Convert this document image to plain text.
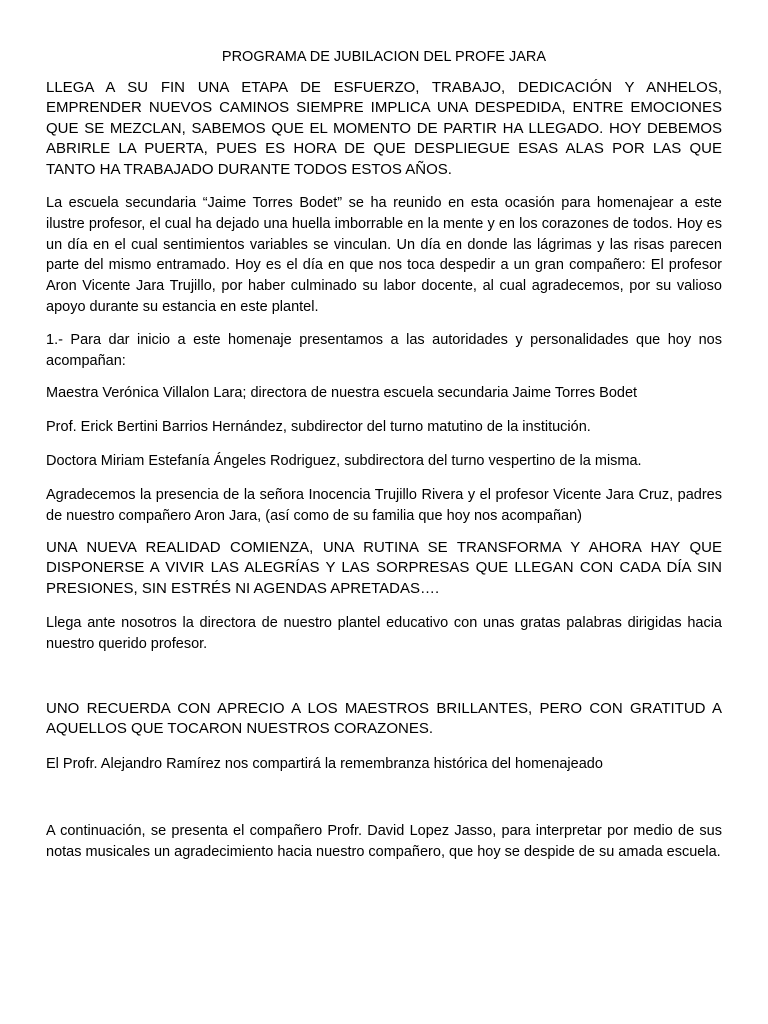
PROGRAMA DE JUBILACION DEL PROFE JARA

LLEGA A SU FIN UNA ETAPA DE ESFUERZO, TRABAJO, DEDICACIÓN Y ANHELOS, EMPRENDER NUEVOS CAMINOS SIEMPRE IMPLICA UNA DESPEDIDA, ENTRE EMOCIONES QUE SE MEZCLAN, SABEMOS QUE EL MOMENTO DE PARTIR HA LLEGADO. HOY DEBEMOS ABRIRLE LA PUERTA, PUES ES HORA DE QUE DESPLIEGUE ESAS ALAS POR LAS QUE TANTO HA TRABAJADO DURANTE TODOS ESTOS AÑOS.

La escuela secundaria “Jaime Torres Bodet” se ha reunido en esta ocasión para homenajear a este ilustre profesor, el cual ha dejado una huella imborrable en la mente y en los corazones de todos. Hoy es un día en el cual sentimientos variables se vinculan. Un día en donde las lágrimas y las risas parecen parte del mismo entramado. Hoy es el día en que nos toca despedir a un gran compañero: El profesor Aron Vicente Jara Trujillo, por haber culminado su labor docente, al cual agradecemos, por su valioso apoyo durante su estancia en este plantel.

1.- Para dar inicio a este homenaje presentamos a las autoridades y personalidades que hoy nos acompañan:

Maestra Verónica Villalon Lara; directora de nuestra escuela secundaria Jaime Torres Bodet

Prof. Erick Bertini Barrios Hernández, subdirector del turno matutino de la institución.

Doctora Miriam Estefanía Ángeles Rodriguez, subdirectora del turno vespertino de la misma.

Agradecemos la presencia de la señora Inocencia Trujillo Rivera y el profesor Vicente Jara Cruz, padres de nuestro compañero Aron Jara, (así como de su familia que hoy nos acompañan)

UNA NUEVA REALIDAD COMIENZA, UNA RUTINA SE TRANSFORMA Y AHORA HAY QUE DISPONERSE A VIVIR LAS ALEGRÍAS Y LAS SORPRESAS QUE LLEGAN CON CADA DÍA SIN PRESIONES, SIN ESTRÉS NI AGENDAS APRETADAS….

Llega ante nosotros la directora de nuestro plantel educativo con unas gratas palabras dirigidas hacia nuestro querido profesor.

UNO RECUERDA CON APRECIO A LOS MAESTROS BRILLANTES, PERO CON GRATITUD A AQUELLOS QUE TOCARON NUESTROS CORAZONES.

El Profr. Alejandro Ramírez nos compartirá la remembranza histórica del homenajeado

A continuación, se presenta el compañero Profr. David Lopez Jasso, para interpretar por medio de sus notas musicales un agradecimiento hacia nuestro compañero, que hoy se despide de su amada escuela.
